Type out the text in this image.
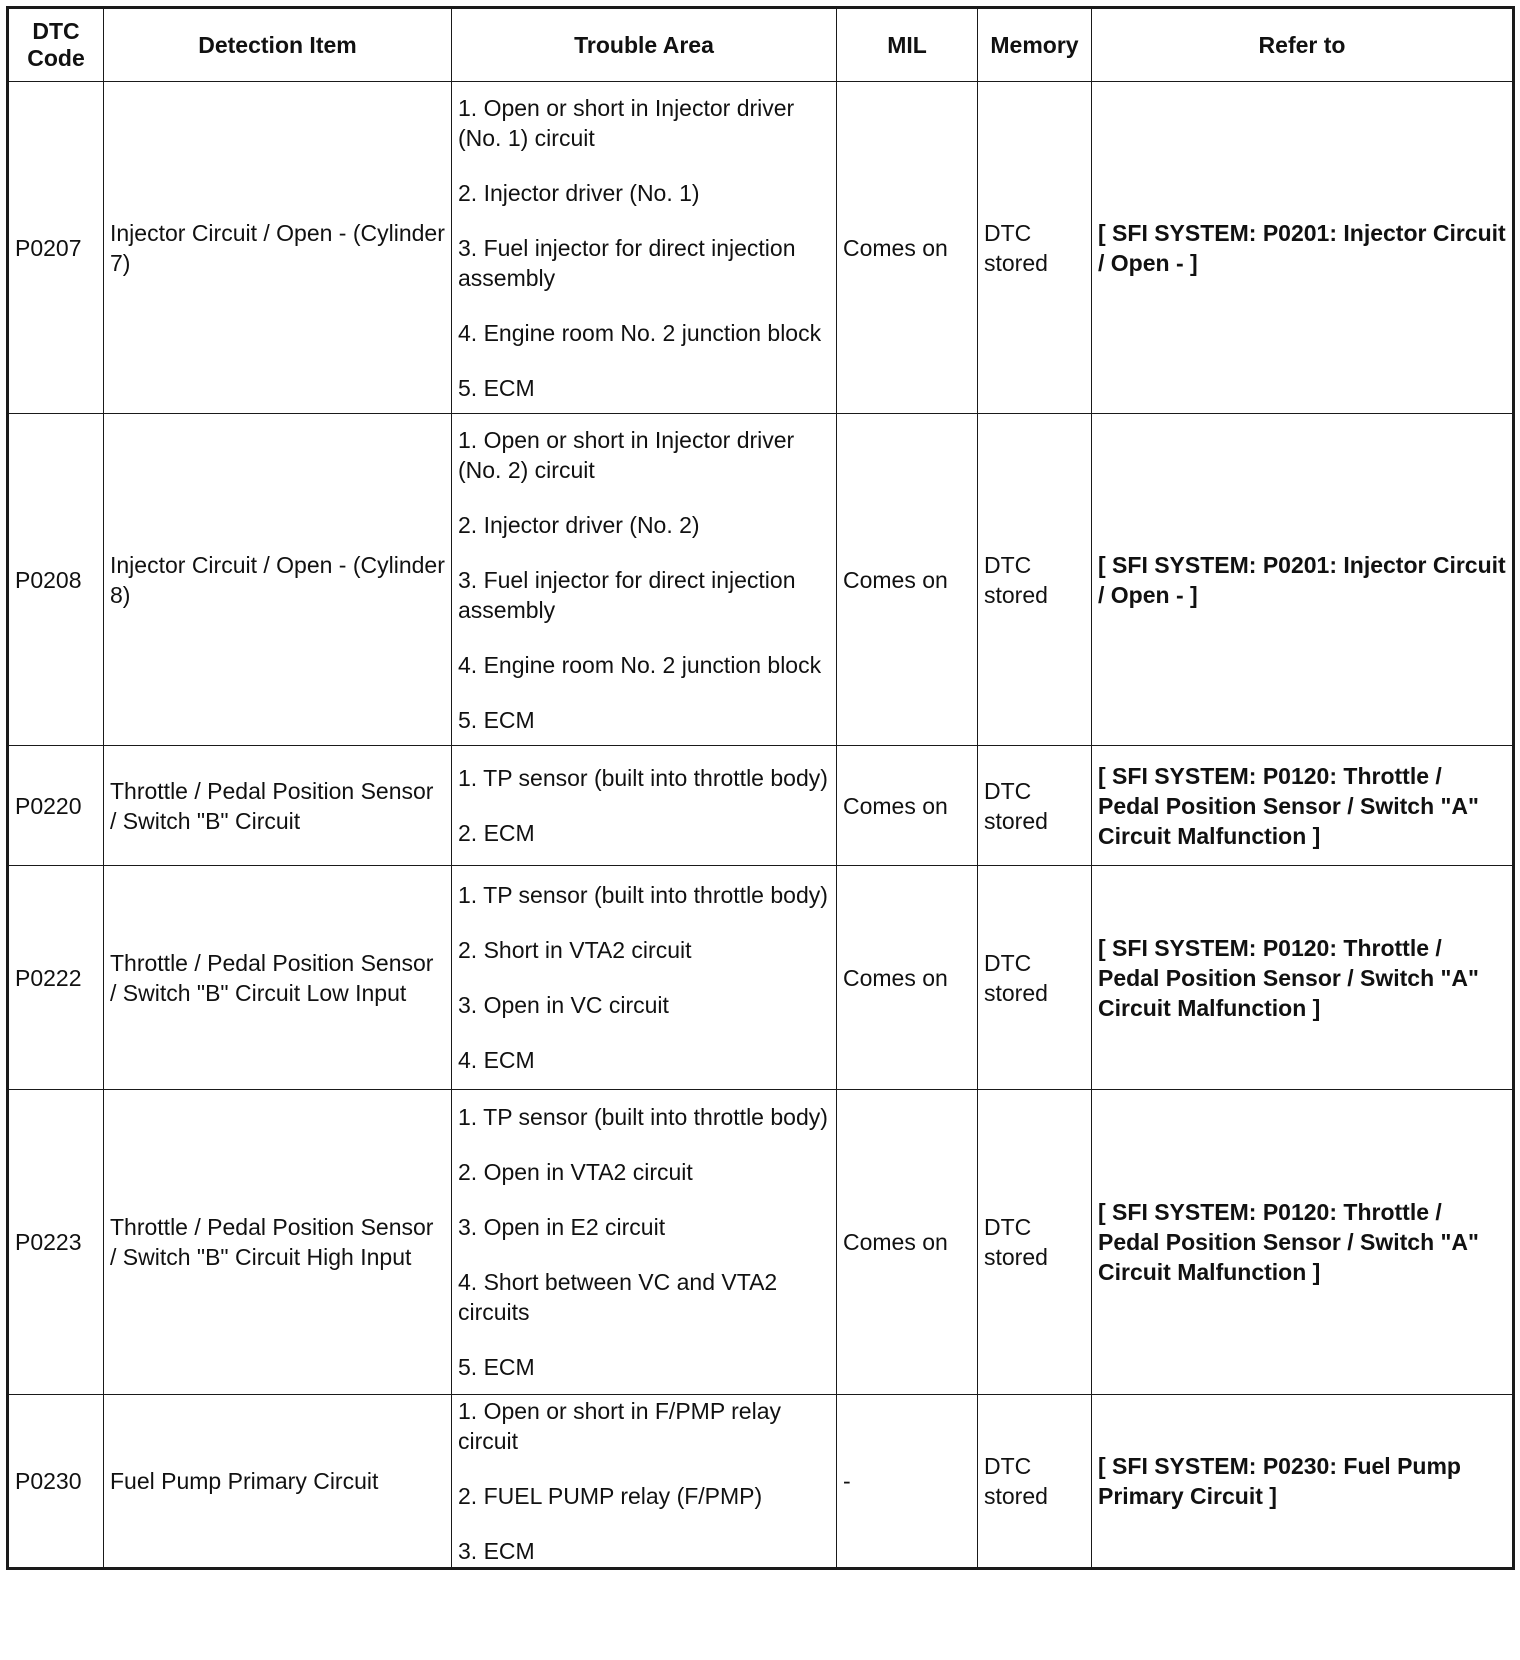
DTC
Code	Detection Item	Trouble Area	MIL	Memory	Refer to
P0207	Injector Circuit / Open - (Cylinder 7)	1. Open or short in Injector driver (No. 1) circuit
2. Injector driver (No. 1)
3. Fuel injector for direct injection assembly
4. Engine room No. 2 junction block
5. ECM	Comes on	DTC stored	[ SFI SYSTEM: P0201: Injector Circuit / Open - ]
P0208	Injector Circuit / Open - (Cylinder 8)	1. Open or short in Injector driver (No. 2) circuit
2. Injector driver (No. 2)
3. Fuel injector for direct injection assembly
4. Engine room No. 2 junction block
5. ECM	Comes on	DTC stored	[ SFI SYSTEM: P0201: Injector Circuit / Open - ]
P0220	Throttle / Pedal Position Sensor / Switch "B" Circuit	1. TP sensor (built into throttle body)
2. ECM	Comes on	DTC stored	[ SFI SYSTEM: P0120: Throttle / Pedal Position Sensor / Switch "A" Circuit Malfunction ]
P0222	Throttle / Pedal Position Sensor / Switch "B" Circuit Low Input	1. TP sensor (built into throttle body)
2. Short in VTA2 circuit
3. Open in VC circuit
4. ECM	Comes on	DTC stored	[ SFI SYSTEM: P0120: Throttle / Pedal Position Sensor / Switch "A" Circuit Malfunction ]
P0223	Throttle / Pedal Position Sensor / Switch "B" Circuit High Input	1. TP sensor (built into throttle body)
2. Open in VTA2 circuit
3. Open in E2 circuit
4. Short between VC and VTA2 circuits
5. ECM	Comes on	DTC stored	[ SFI SYSTEM: P0120: Throttle / Pedal Position Sensor / Switch "A" Circuit Malfunction ]
P0230	Fuel Pump Primary Circuit	1. Open or short in F/PMP relay circuit
2. FUEL PUMP relay (F/PMP)
3. ECM	-	DTC stored	[ SFI SYSTEM: P0230: Fuel Pump Primary Circuit ]
